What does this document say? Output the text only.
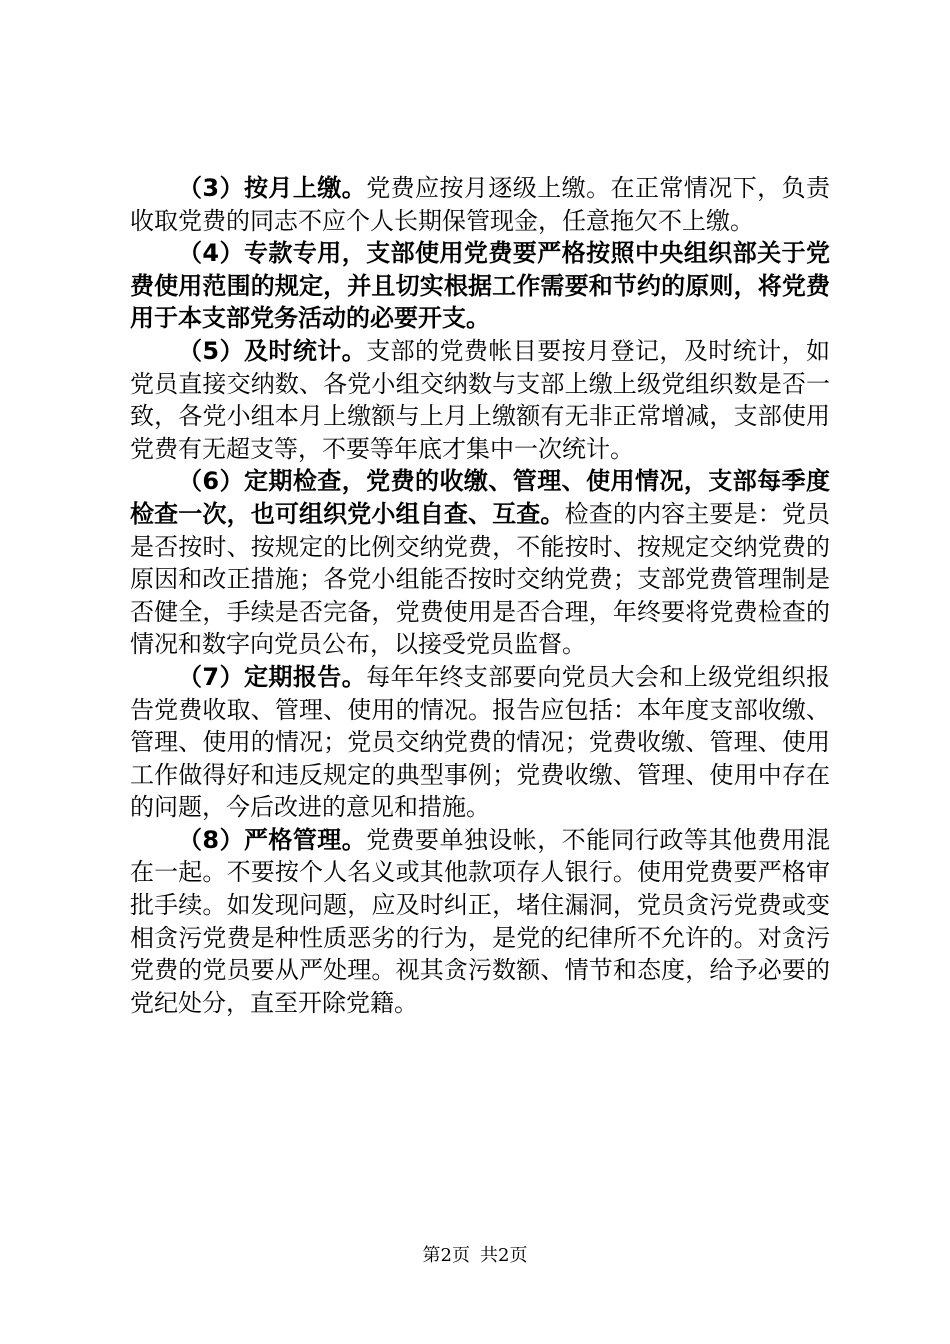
（3）按月上缴。党费应按月逐级上缴。在正常情况下，负责收取党费的同志不应个人长期保管现金，任意拖欠不上缴。

（4）专款专用，支部使用党费要严格按照中央组织部关于党费使用范围的规定，并且切实根据工作需要和节约的原则，将党费用于本支部党务活动的必要开支。

（5）及时统计。支部的党费帐目要按月登记，及时统计，如党员直接交纳数、各党小组交纳数与支部上缴上级党组织数是否一致，各党小组本月上缴额与上月上缴额有无非正常增减，支部使用党费有无超支等，不要等年底才集中一次统计。

（6）定期检查，党费的收缴、管理、使用情况，支部每季度检查一次，也可组织党小组自查、互查。检查的内容主要是：党员是否按时、按规定的比例交纳党费，不能按时、按规定交纳党费的原因和改正措施；各党小组能否按时交纳党费；支部党费管理制是否健全，手续是否完备，党费使用是否合理，年终要将党费检查的情况和数字向党员公布，以接受党员监督。

（7）定期报告。每年年终支部要向党员大会和上级党组织报告党费收取、管理、使用的情况。报告应包括：本年度支部收缴、管理、使用的情况；党员交纳党费的情况；党费收缴、管理、使用工作做得好和违反规定的典型事例；党费收缴、管理、使用中存在的问题，今后改进的意见和措施。

（8）严格管理。党费要单独设帐，不能同行政等其他费用混在一起。不要按个人名义或其他款项存人银行。使用党费要严格审批手续。如发现问题，应及时纠正，堵住漏洞，党员贪污党费或变相贪污党费是种性质恶劣的行为，是党的纪律所不允许的。对贪污党费的党员要从严处理。视其贪污数额、情节和态度，给予必要的党纪处分，直至开除党籍。

第2页 共2页
